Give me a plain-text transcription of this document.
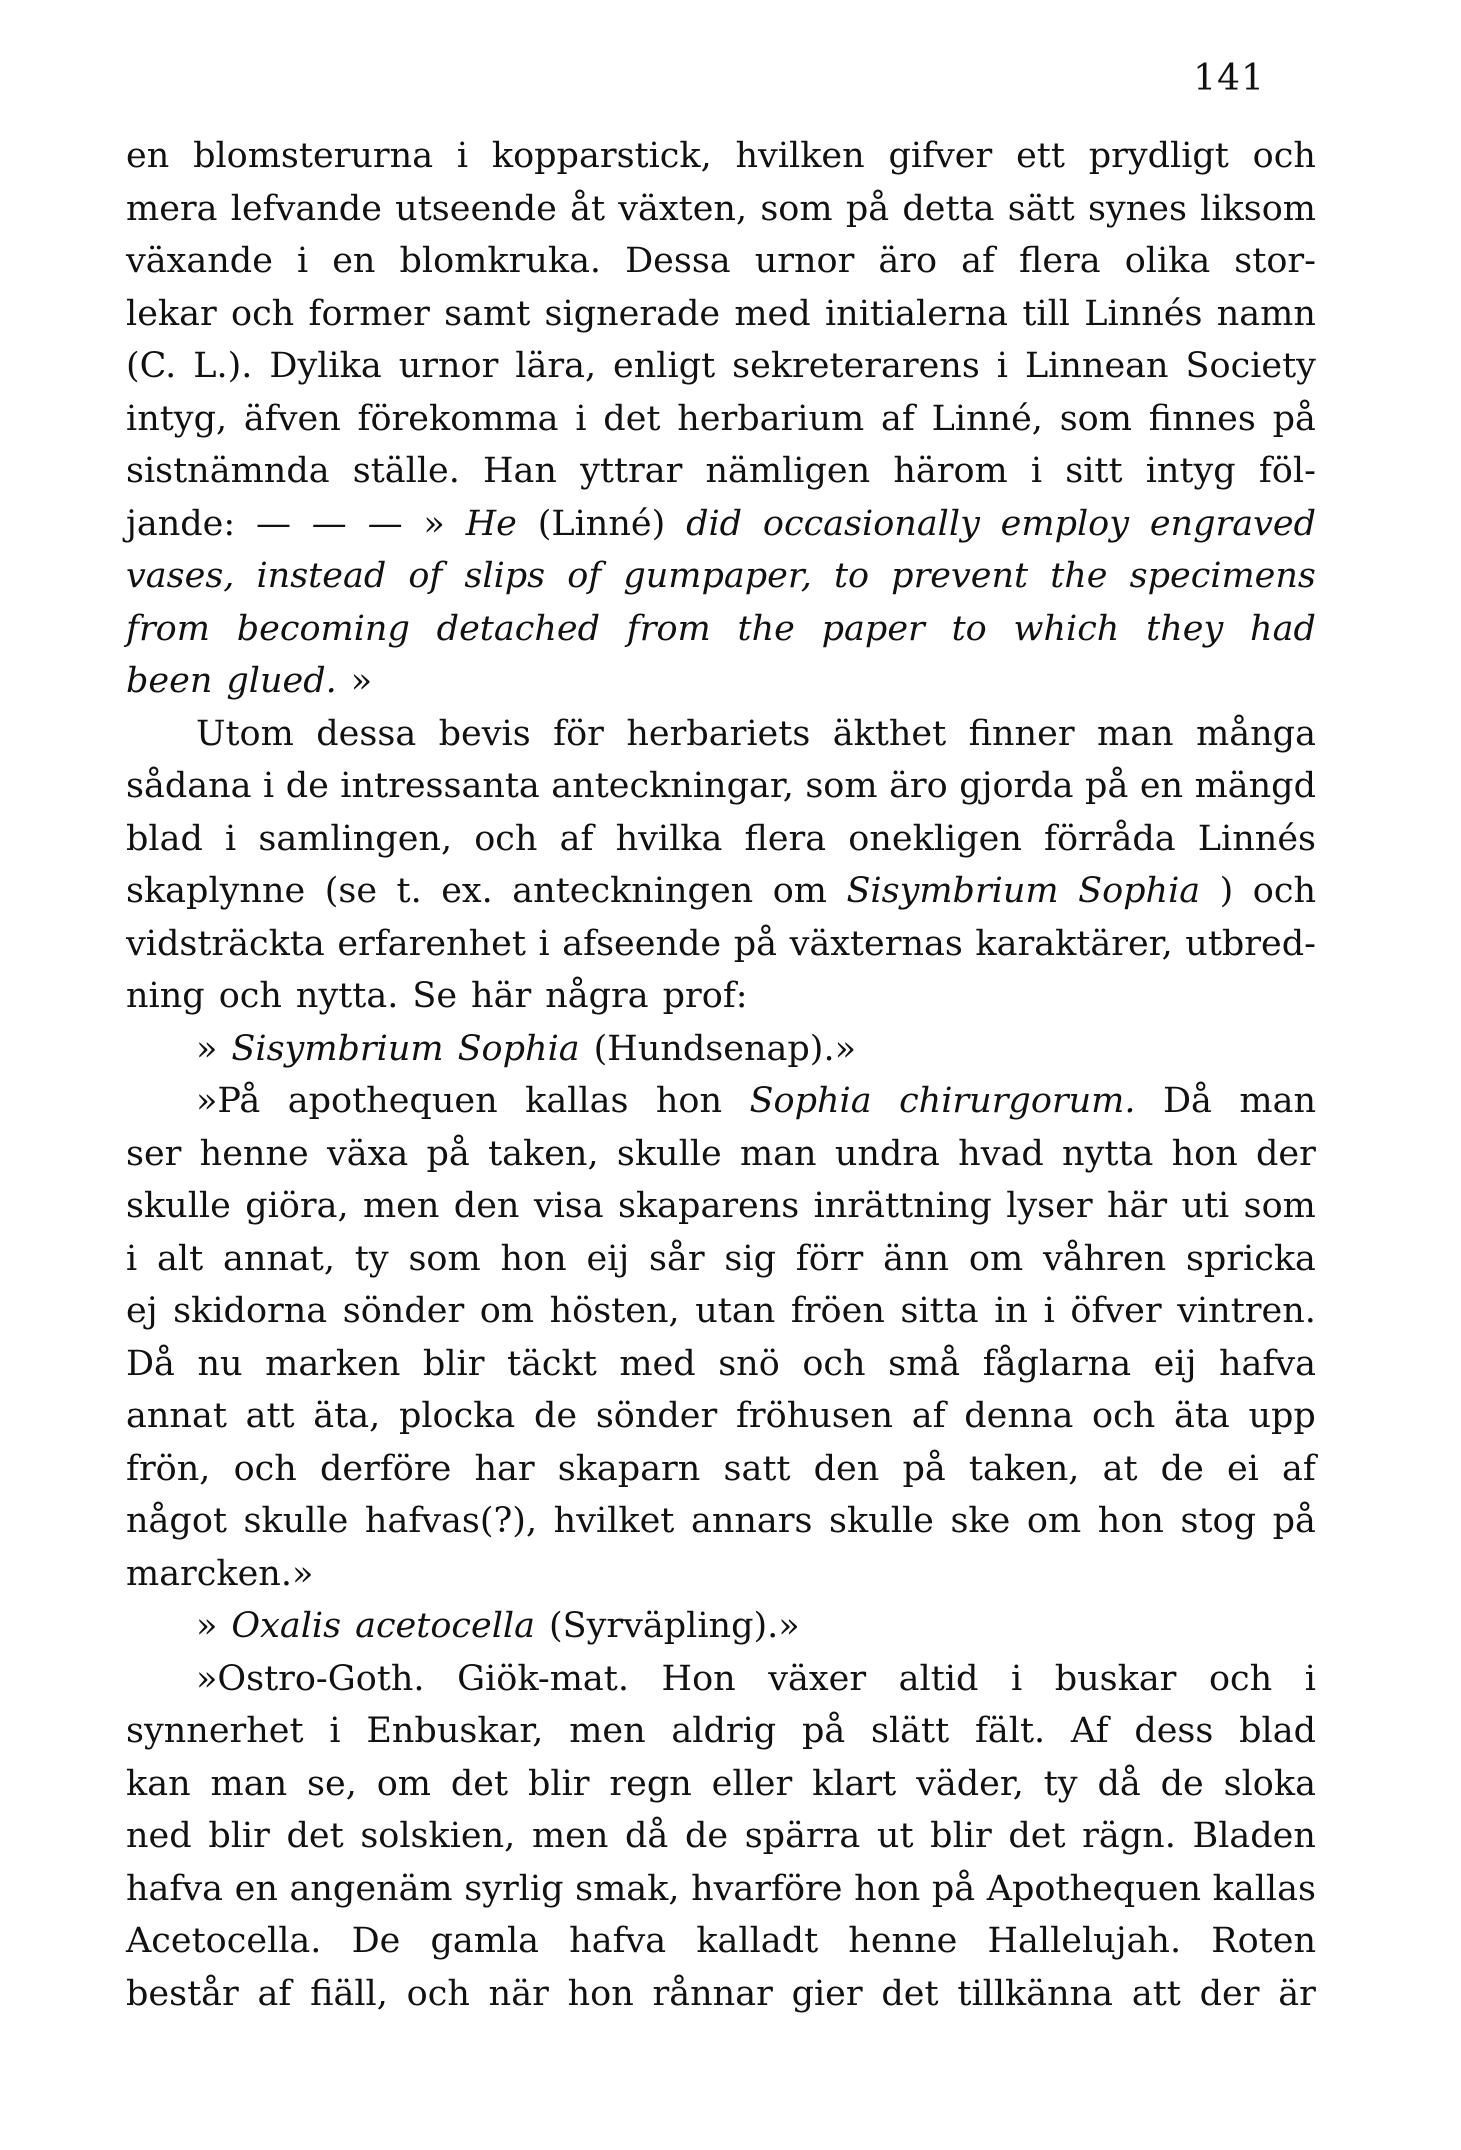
141
en blomsterurna i kopparstick, hvilken gifver ett prydligt och
mera lefvande utseende åt växten, som på detta sätt synes liksom
växande i en blomkruka. Dessa urnor äro af flera olika stor-
lekar och former samt signerade med initialerna till Linnés namn
(C. L.). Dylika urnor lära, enligt sekreterarens i Linnean Society
intyg, äfven förekomma i det herbarium af Linné, som finnes på
sistnämnda ställe. Han yttrar nämligen härom i sitt intyg föl-
jande: — — — » He (Linné) did occasionally employ engraved
vases, instead of slips of gumpaper, to prevent the specimens
from becoming detached from the paper to which they had
been glued. »
Utom dessa bevis för herbariets äkthet finner man många
sådana i de intressanta anteckningar, som äro gjorda på en mängd
blad i samlingen, och af hvilka flera onekligen förråda Linnés
skaplynne (se t. ex. anteckningen om Sisymbrium Sophia ) och
vidsträckta erfarenhet i afseende på växternas karaktärer, utbred-
ning och nytta. Se här några prof:
» Sisymbrium Sophia (Hundsenap).»
»På apothequen kallas hon Sophia chirurgorum. Då man
ser henne växa på taken, skulle man undra hvad nytta hon der
skulle giöra, men den visa skaparens inrättning lyser här uti som
i alt annat, ty som hon eij sår sig förr änn om våhren spricka
ej skidorna sönder om hösten, utan fröen sitta in i öfver vintren.
Då nu marken blir täckt med snö och små fåglarna eij hafva
annat att äta, plocka de sönder fröhusen af denna och äta upp
frön, och derföre har skaparn satt den på taken, at de ei af
något skulle hafvas(?), hvilket annars skulle ske om hon stog på
marcken.»
» Oxalis acetocella (Syrväpling).»
»Ostro-Goth. Giök-mat. Hon växer altid i buskar och i
synnerhet i Enbuskar, men aldrig på slätt fält. Af dess blad
kan man se, om det blir regn eller klart väder, ty då de sloka
ned blir det solskien, men då de spärra ut blir det rägn. Bladen
hafva en angenäm syrlig smak, hvarföre hon på Apothequen kallas
Acetocella. De gamla hafva kalladt henne Hallelujah. Roten
består af fiäll, och när hon rånnar gier det tillkänna att der är
